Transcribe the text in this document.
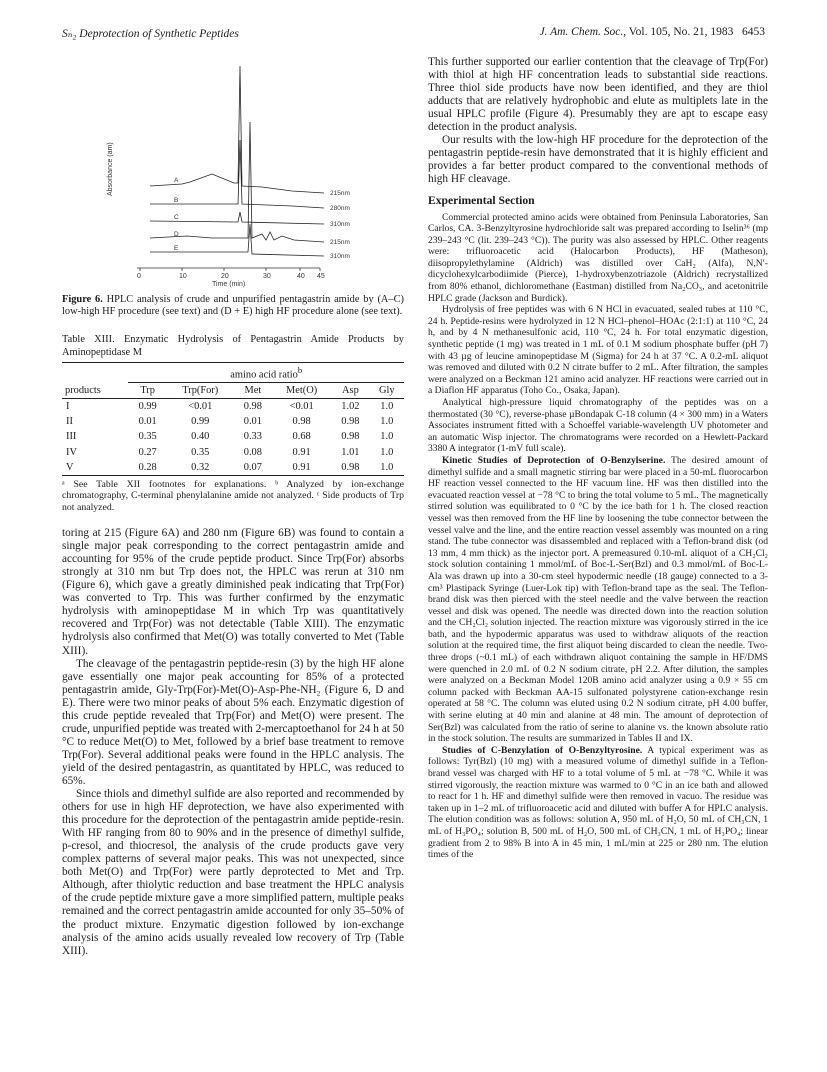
Sₙ₂ Deprotection of Synthetic Peptides	J. Am. Chem. Soc., Vol. 105, No. 21, 1983 6453
Absorbance (am)
0	10	20	30	40 45
Time (min)
A
215nm
B
280nm
C
310nm
D
215nm
E
310nm
Figure 6. HPLC analysis of crude and unpurified pentagastrin amide by (A–C) low-high HF procedure (see text) and (D + E) high HF procedure alone (see text).
Table XIII. Enzymatic Hydrolysis of Pentagastrin Amide Products by Aminopeptidase M
	amino acid ratio$^b$
products	Trp	Trp(For)	Met	Met(O)	Asp	Gly
I	0.99	<0.01	0.98	<0.01	1.02	1.0
II	0.01	0.99	0.01	0.98	0.98	1.0
III	0.35	0.40	0.33	0.68	0.98	1.0
IV	0.27	0.35	0.08	0.91	1.01	1.0
V	0.28	0.32	0.07	0.91	0.98	1.0
ᵃ See Table XII footnotes for explanations. ᵇ Analyzed by ion-exchange chromatography, C-terminal phenylalanine amide not analyzed. ᶜ Side products of Trp not analyzed.

toring at 215 (Figure 6A) and 280 nm (Figure 6B) was found to contain a single major peak corresponding to the correct pentagastrin amide and accounting for 95% of the crude peptide product. Since Trp(For) absorbs strongly at 310 nm but Trp does not, the HPLC was rerun at 310 nm (Figure 6), which gave a greatly diminished peak indicating that Trp(For) was converted to Trp. This was further confirmed by the enzymatic hydrolysis with aminopeptidase M in which Trp was quantitatively recovered and Trp(For) was not detectable (Table XIII). The enzymatic hydrolysis also confirmed that Met(O) was totally converted to Met (Table XIII).

The cleavage of the pentagastrin peptide-resin (3) by the high HF alone gave essentially one major peak accounting for 85% of a protected pentagastrin amide, Gly-Trp(For)-Met(O)-Asp-Phe-NH₂ (Figure 6, D and E). There were two minor peaks of about 5% each. Enzymatic digestion of this crude peptide revealed that Trp(For) and Met(O) were present. The crude, unpurified peptide was treated with 2-mercaptoethanol for 24 h at 50 °C to reduce Met(O) to Met, followed by a brief base treatment to remove Trp(For). Several additional peaks were found in the HPLC analysis. The yield of the desired pentagastrin, as quantitated by HPLC, was reduced to 65%.

Since thiols and dimethyl sulfide are also reported and recommended by others for use in high HF deprotection, we have also experimented with this procedure for the deprotection of the pentagastrin amide peptide-resin. With HF ranging from 80 to 90% and in the presence of dimethyl sulfide, p-cresol, and thiocresol, the analysis of the crude products gave very complex patterns of several major peaks. This was not unexpected, since both Met(O) and Trp(For) were partly deprotected to Met and Trp. Although, after thiolytic reduction and base treatment the HPLC analysis of the crude peptide mixture gave a more simplified pattern, multiple peaks remained and the correct pentagastrin amide accounted for only 35–50% of the product mixture. Enzymatic digestion followed by ion-exchange analysis of the amino acids usually revealed low recovery of Trp (Table XIII).

This further supported our earlier contention that the cleavage of Trp(For) with thiol at high HF concentration leads to substantial side reactions. Three thiol side products have now been identified, and they are thiol adducts that are relatively hydrophobic and elute as multiplets late in the usual HPLC profile (Figure 4). Presumably they are apt to escape easy detection in the product analysis.

Our results with the low-high HF procedure for the deprotection of the pentagastrin peptide-resin have demonstrated that it is highly efficient and provides a far better product compared to the conventional methods of high HF cleavage.

Experimental Section

Commercial protected amino acids were obtained from Peninsula Laboratories, San Carlos, CA. 3-Benzyltyrosine hydrochloride salt was prepared according to Iselin³⁶ (mp 239–243 °C (lit. 239–243 °C)). The purity was also assessed by HPLC. Other reagents were: trifluoroacetic acid (Halocarbon Products), HF (Matheson), diisopropylethylamine (Aldrich) was distilled over CaH₂ (Alfa), N,N′-dicyclohexylcarbodiimide (Pierce), 1-hydroxybenzotriazole (Aldrich) recrystallized from 80% ethanol, dichloromethane (Eastman) distilled from Na₂CO₃, and acetonitrile HPLC grade (Jackson and Burdick).

Hydrolysis of free peptides was with 6 N HCl in evacuated, sealed tubes at 110 °C, 24 h. Peptide-resins were hydrolyzed in 12 N HCl–phenol–HOAc (2:1:1) at 110 °C, 24 h, and by 4 N methanesulfonic acid, 110 °C, 24 h. For total enzymatic digestion, synthetic peptide (1 mg) was treated in 1 mL of 0.1 M sodium phosphate buffer (pH 7) with 43 µg of leucine aminopeptidase M (Sigma) for 24 h at 37 °C. A 0.2-mL aliquot was removed and diluted with 0.2 N citrate buffer to 2 mL. After filtration, the samples were analyzed on a Beckman 121 amino acid analyzer. HF reactions were carried out in a Diaflon HF apparatus (Toho Co., Osaka, Japan).

Analytical high-pressure liquid chromatography of the peptides was on a thermostated (30 °C), reverse-phase µBondapak C-18 column (4 × 300 mm) in a Waters Associates instrument fitted with a Schoeffel variable-wavelength UV photometer and an automatic Wisp injector. The chromatograms were recorded on a Hewlett-Packard 3380 A integrator (1-mV full scale).

Kinetic Studies of Deprotection of O-Benzylserine. The desired amount of dimethyl sulfide and a small magnetic stirring bar were placed in a 50-mL fluorocarbon HF reaction vessel connected to the HF vacuum line. HF was then distilled into the evacuated reaction vessel at −78 °C to bring the total volume to 5 mL. The magnetically stirred solution was equilibrated to 0 °C by the ice bath for 1 h. The closed reaction vessel was then removed from the HF line by loosening the tube connector between the vessel valve and the line, and the entire reaction vessel assembly was mounted on a ring stand. The tube connector was disassembled and replaced with a Teflon-brand disk (od 13 mm, 4 mm thick) as the injector port. A premeasured 0.10-mL aliquot of a CH₂Cl₂ stock solution containing 1 mmol/mL of Boc-L-Ser(Bzl) and 0.3 mmol/mL of Boc-L-Ala was drawn up into a 30-cm steel hypodermic needle (18 gauge) connected to a 3-cm³ Plastipack Syringe (Luer-Lok tip) with Teflon-brand tape as the seal. The Teflon-brand disk was then pierced with the steel needle and the valve between the reaction vessel and disk was opened. The needle was directed down into the reaction solution and the CH₂Cl₂ solution injected. The reaction mixture was vigorously stirred in the ice bath, and the hypodermic apparatus was used to withdraw aliquots of the reaction solution at the required time, the first aliquot being discarded to clean the needle. Two-three drops (~0.1 mL) of each withdrawn aliquot containing the sample in HF/DMS were quenched in 2.0 mL of 0.2 N sodium citrate, pH 2.2. After dilution, the samples were analyzed on a Beckman Model 120B amino acid analyzer using a 0.9 × 55 cm column packed with Beckman AA-15 sulfonated polystyrene cation-exchange resin operated at 58 °C. The column was eluted using 0.2 N sodium citrate, pH 4.00 buffer, with serine eluting at 40 min and alanine at 48 min. The amount of deprotection of Ser(Bzl) was calculated from the ratio of serine to alanine vs. the known absolute ratio in the stock solution. The results are summarized in Tables II and IX.

Studies of C-Benzylation of O-Benzyltyrosine. A typical experiment was as follows: Tyr(Bzl) (10 mg) with a measured volume of dimethyl sulfide in a Teflon-brand vessel was charged with HF to a total volume of 5 mL at −78 °C. While it was stirred vigorously, the reaction mixture was warmed to 0 °C in an ice bath and allowed to react for 1 h. HF and dimethyl sulfide were then removed in vacuo. The residue was taken up in 1–2 mL of trifluoroacetic acid and diluted with buffer A for HPLC analysis. The elution condition was as follows: solution A, 950 mL of H₂O, 50 mL of CH₃CN, 1 mL of H₃PO₄; solution B, 500 mL of H₂O, 500 mL of CH₃CN, 1 mL of H₃PO₄; linear gradient from 2 to 98% B into A in 45 min, 1 mL/min at 225 or 280 nm. The elution times of the
